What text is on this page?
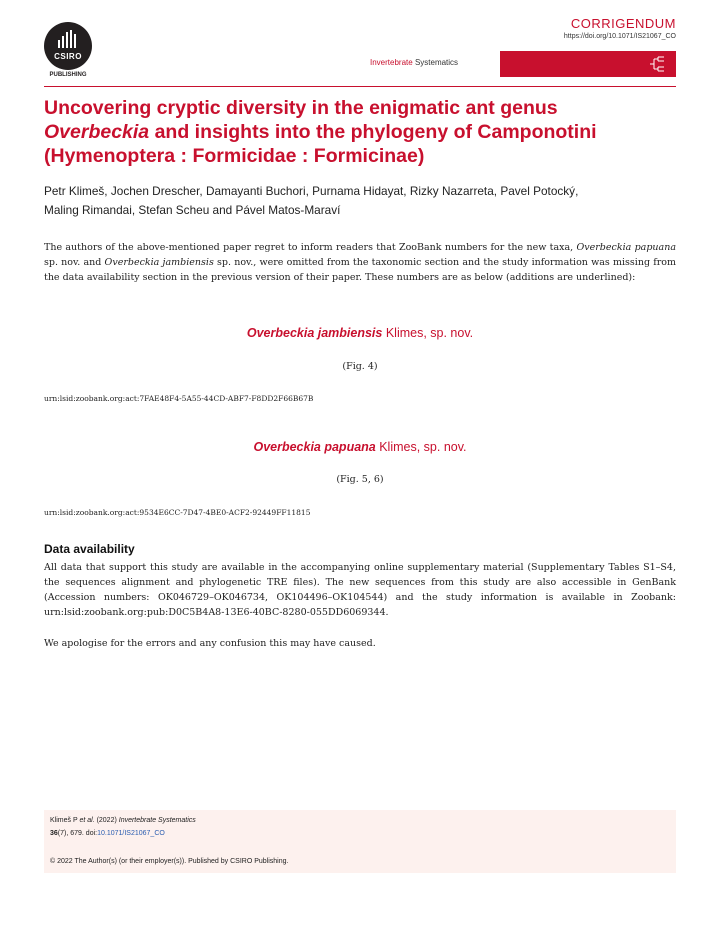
CSIRO
PUBLISHING
CORRIGENDUM
https://doi.org/10.1071/IS21067_CO
Invertebrate Systematics
Uncovering cryptic diversity in the enigmatic ant genus
Overbeckia and insights into the phylogeny of Camponotini
(Hymenoptera : Formicidae : Formicinae)
Petr Klimeš, Jochen Drescher, Damayanti Buchori, Purnama Hidayat, Rizky Nazarreta, Pavel Potocký,
Maling Rimandai, Stefan Scheu and Pável Matos-Maraví
The authors of the above-mentioned paper regret to inform readers that ZooBank numbers for the new taxa, Overbeckia papuana sp. nov. and Overbeckia jambiensis sp. nov., were omitted from the taxonomic section and the study information was missing from the data availability section in the previous version of their paper. These numbers are as below (additions are underlined):
Overbeckia jambiensis Klimes, sp. nov.
(Fig. 4)
urn:lsid:zoobank.org:act:7FAE48F4-5A55-44CD-ABF7-F8DD2F66B67B
Overbeckia papuana Klimes, sp. nov.
(Fig. 5, 6)
urn:lsid:zoobank.org:act:9534E6CC-7D47-4BE0-ACF2-92449FF11815
Data availability
All data that support this study are available in the accompanying online supplementary material (Supplementary Tables S1–S4, the sequences alignment and phylogenetic TRE files). The new sequences from this study are also accessible in GenBank (Accession numbers: OK046729–OK046734, OK104496–OK104544) and the study information is available in Zoobank: urn:lsid:zoobank.org:pub:D0C5B4A8-13E6-40BC-8280-055DD6069344.
We apologise for the errors and any confusion this may have caused.
Klimeš P et al. (2022) Invertebrate Systematics
36(7), 679. doi:10.1071/IS21067_CO
© 2022 The Author(s) (or their employer(s)). Published by CSIRO Publishing.
